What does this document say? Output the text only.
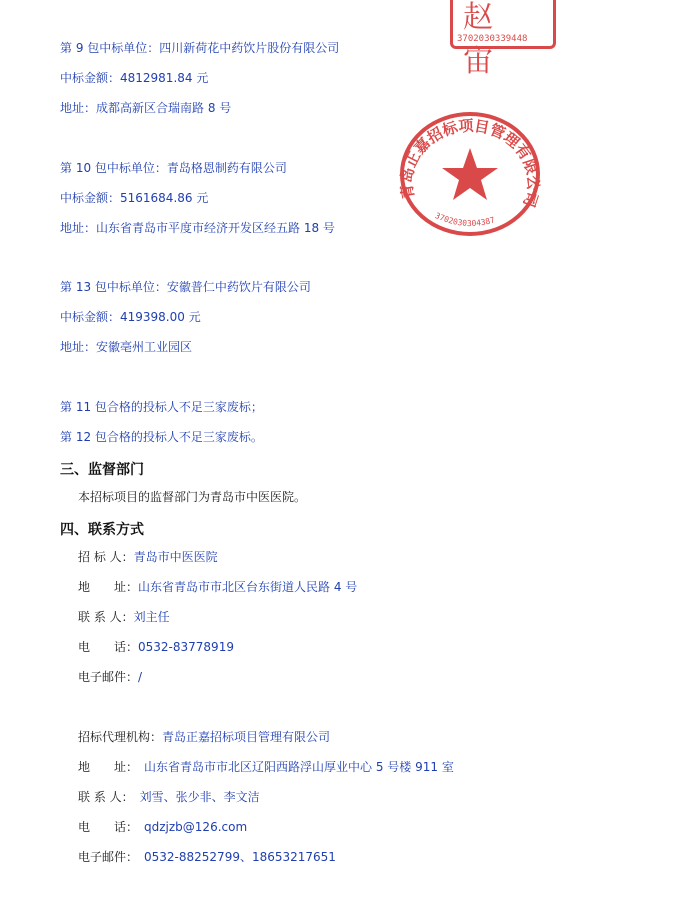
赵 宙
3702030339448
青岛正嘉招标项目管理有限公司
3702030304387
第 9 包中标单位：四川新荷花中药饮片股份有限公司
中标金额：4812981.84 元
地址：成都高新区合瑞南路 8 号
第 10 包中标单位：青岛格恩制药有限公司
中标金额：5161684.86 元
地址：山东省青岛市平度市经济开发区经五路 18 号
第 13 包中标单位：安徽普仁中药饮片有限公司
中标金额：419398.00 元
地址：安徽亳州工业园区
第 11 包合格的投标人不足三家废标；
第 12 包合格的投标人不足三家废标。
三、监督部门
本招标项目的监督部门为青岛市中医医院。
四、联系方式
招 标 人：青岛市中医医院
地　　址：山东省青岛市市北区台东街道人民路 4 号
联 系 人：刘主任
电　　话：0532-83778919
电子邮件：/
招标代理机构：青岛正嘉招标项目管理有限公司
地　　址： 山东省青岛市市北区辽阳西路浮山厚业中心 5 号楼 911 室
联 系 人： 刘雪、张少非、李文洁
电　　话： qdzjzb@126.com
电子邮件： 0532-88252799、18653217651
